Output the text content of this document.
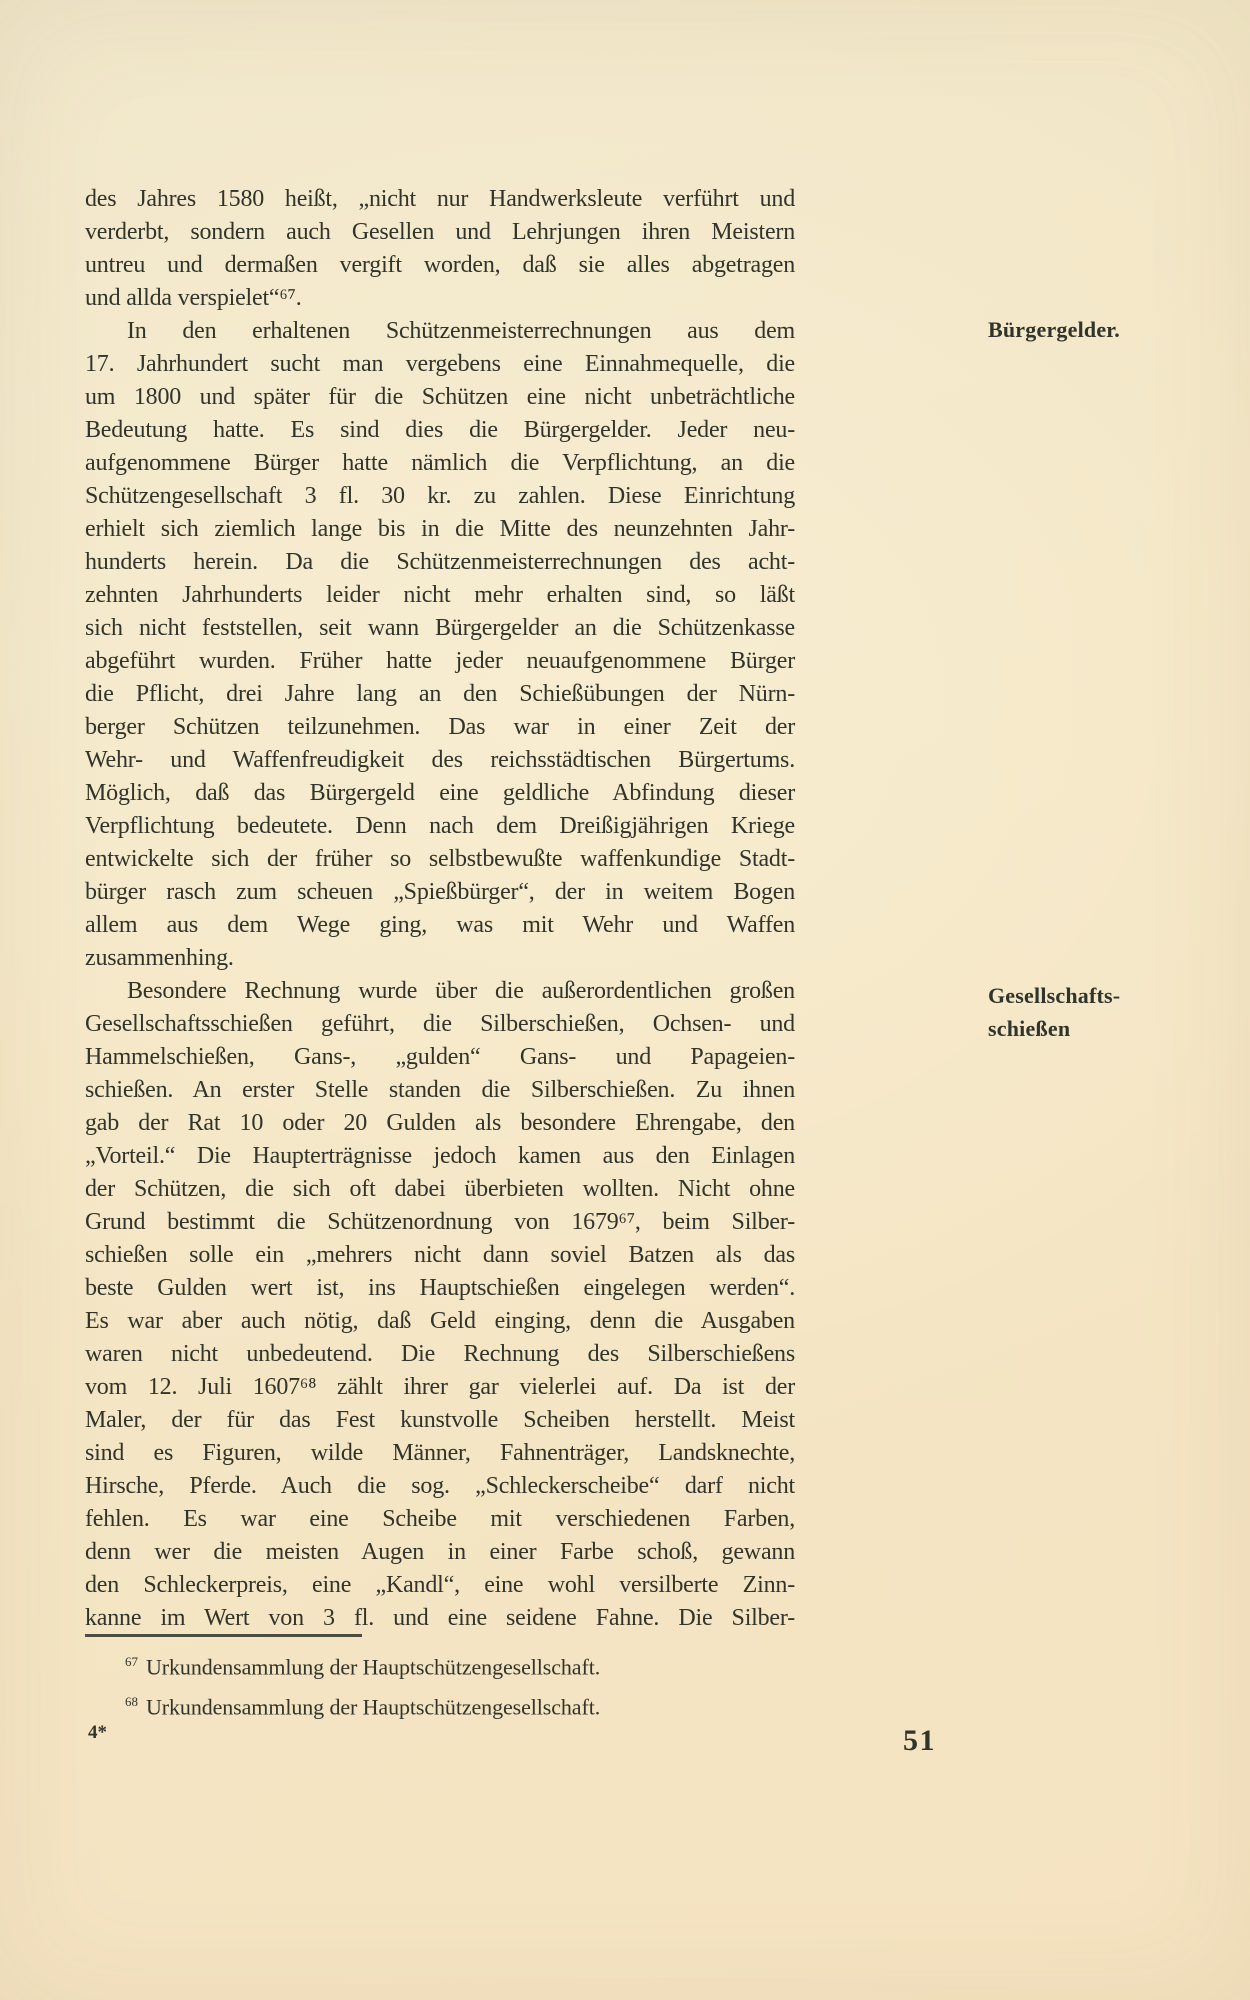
des Jahres 1580 heißt, „nicht nur Handwerksleute verführt und
verderbt, sondern auch Gesellen und Lehrjungen ihren Meistern
untreu und dermaßen vergift worden, daß sie alles abgetragen
und allda verspielet“⁶⁷.
In den erhaltenen Schützenmeisterrechnungen aus dem
17. Jahrhundert sucht man vergebens eine Einnahmequelle, die
um 1800 und später für die Schützen eine nicht unbeträchtliche
Bedeutung hatte. Es sind dies die Bürgergelder. Jeder neu-
aufgenommene Bürger hatte nämlich die Verpflichtung, an die
Schützengesellschaft 3 fl. 30 kr. zu zahlen. Diese Einrichtung
erhielt sich ziemlich lange bis in die Mitte des neunzehnten Jahr-
hunderts herein. Da die Schützenmeisterrechnungen des acht-
zehnten Jahrhunderts leider nicht mehr erhalten sind, so läßt
sich nicht feststellen, seit wann Bürgergelder an die Schützenkasse
abgeführt wurden. Früher hatte jeder neuaufgenommene Bürger
die Pflicht, drei Jahre lang an den Schießübungen der Nürn-
berger Schützen teilzunehmen. Das war in einer Zeit der
Wehr- und Waffenfreudigkeit des reichsstädtischen Bürgertums.
Möglich, daß das Bürgergeld eine geldliche Abfindung dieser
Verpflichtung bedeutete. Denn nach dem Dreißigjährigen Kriege
entwickelte sich der früher so selbstbewußte waffenkundige Stadt-
bürger rasch zum scheuen „Spießbürger“, der in weitem Bogen
allem aus dem Wege ging, was mit Wehr und Waffen
zusammenhing.
Besondere Rechnung wurde über die außerordentlichen großen
Gesellschaftsschießen geführt, die Silberschießen, Ochsen- und
Hammelschießen, Gans-, „gulden“ Gans- und Papageien-
schießen. An erster Stelle standen die Silberschießen. Zu ihnen
gab der Rat 10 oder 20 Gulden als besondere Ehrengabe, den
„Vorteil.“ Die Haupterträgnisse jedoch kamen aus den Einlagen
der Schützen, die sich oft dabei überbieten wollten. Nicht ohne
Grund bestimmt die Schützenordnung von 1679⁶⁷, beim Silber-
schießen solle ein „mehrers nicht dann soviel Batzen als das
beste Gulden wert ist, ins Hauptschießen eingelegen werden“.
Es war aber auch nötig, daß Geld einging, denn die Ausgaben
waren nicht unbedeutend. Die Rechnung des Silberschießens
vom 12. Juli 1607⁶⁸ zählt ihrer gar vielerlei auf. Da ist der
Maler, der für das Fest kunstvolle Scheiben herstellt. Meist
sind es Figuren, wilde Männer, Fahnenträger, Landsknechte,
Hirsche, Pferde. Auch die sog. „Schleckerscheibe“ darf nicht
fehlen. Es war eine Scheibe mit verschiedenen Farben,
denn wer die meisten Augen in einer Farbe schoß, gewann
den Schleckerpreis, eine „Kandl“, eine wohl versilberte Zinn-
kanne im Wert von 3 fl. und eine seidene Fahne. Die Silber-
Bürgergelder.
Gesellschafts-
schießen
$^{67}$ Urkundensammlung der Hauptschützengesellschaft.
$^{68}$ Urkundensammlung der Hauptschützengesellschaft.
4*	51
